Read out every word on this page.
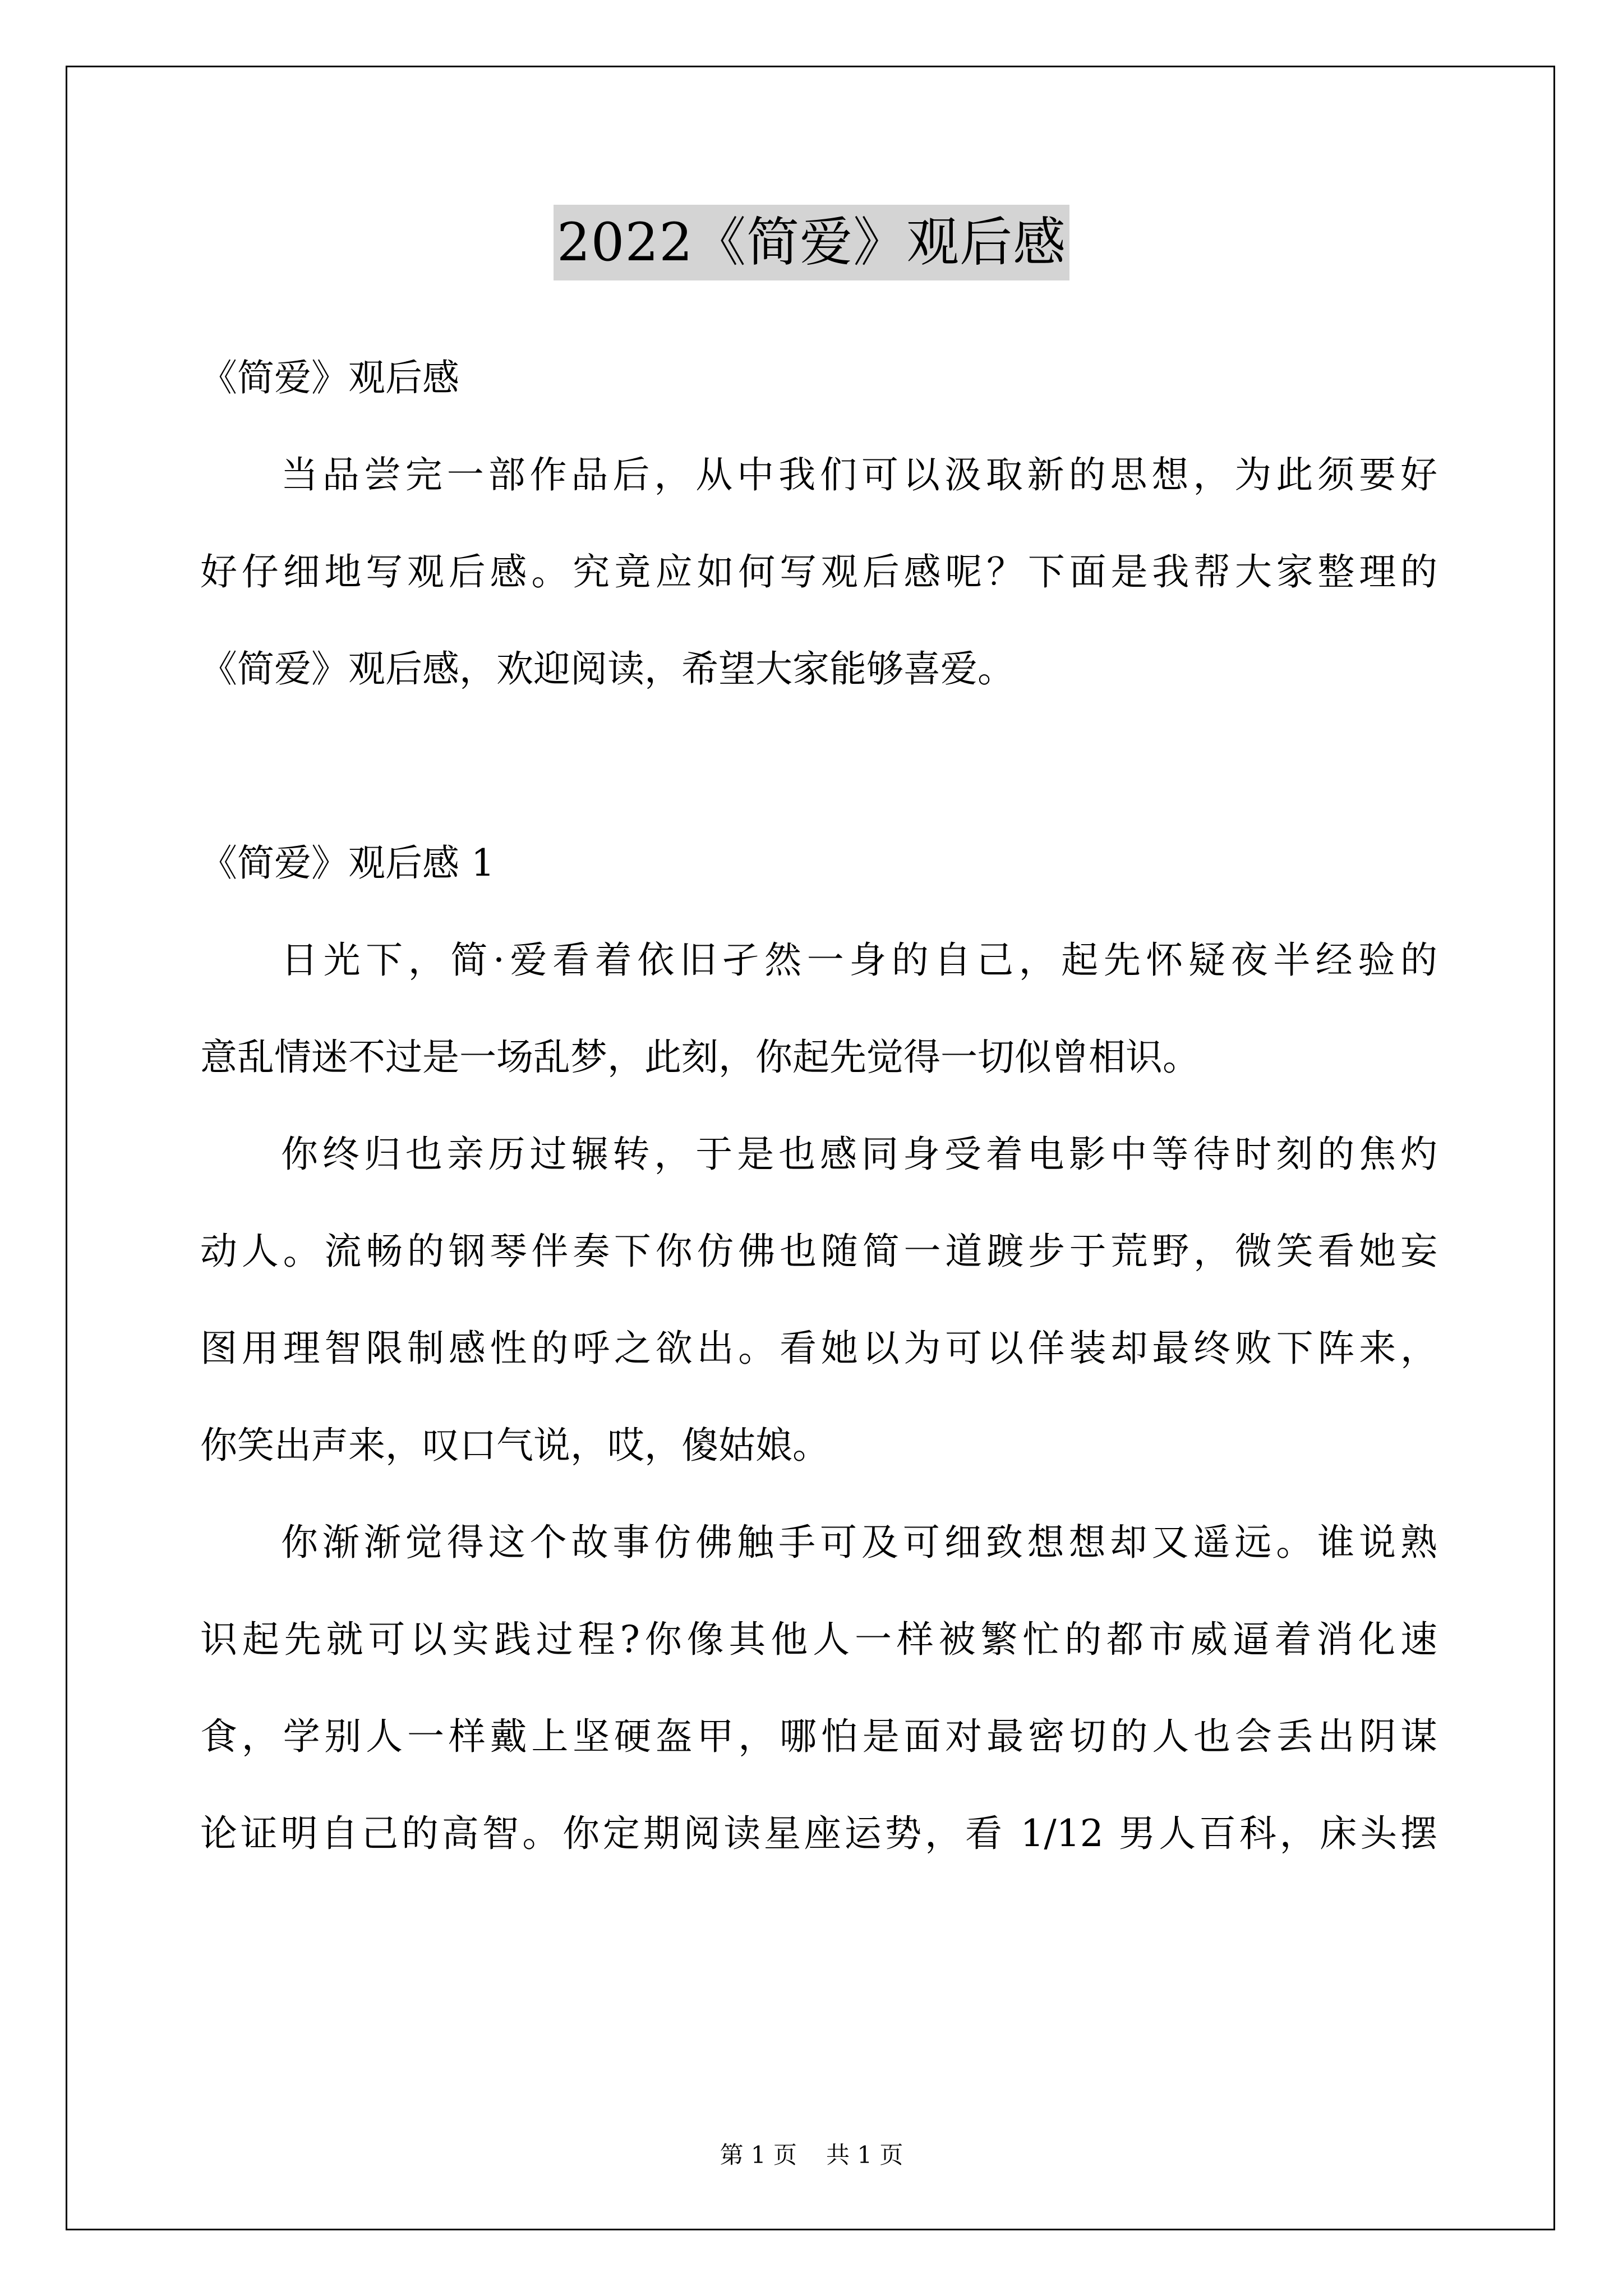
2022《简爱》观后感
《简爱》观后感
当品尝完一部作品后，从中我们可以汲取新的思想，为此须要好
好仔细地写观后感。究竟应如何写观后感呢？下面是我帮大家整理的
《简爱》观后感，欢迎阅读，希望大家能够喜爱。
《简爱》观后感 1
日光下，简·爱看着依旧孑然一身的自己，起先怀疑夜半经验的
意乱情迷不过是一场乱梦，此刻，你起先觉得一切似曾相识。
你终归也亲历过辗转，于是也感同身受着电影中等待时刻的焦灼
动人。流畅的钢琴伴奏下你仿佛也随简一道踱步于荒野，微笑看她妄
图用理智限制感性的呼之欲出。看她以为可以佯装却最终败下阵来，
你笑出声来，叹口气说，哎，傻姑娘。
你渐渐觉得这个故事仿佛触手可及可细致想想却又遥远。谁说熟
识起先就可以实践过程?你像其他人一样被繁忙的都市威逼着消化速
食，学别人一样戴上坚硬盔甲，哪怕是面对最密切的人也会丢出阴谋
论证明自己的高智。你定期阅读星座运势，看 1/12 男人百科，床头摆
第 1 页 共 1 页
